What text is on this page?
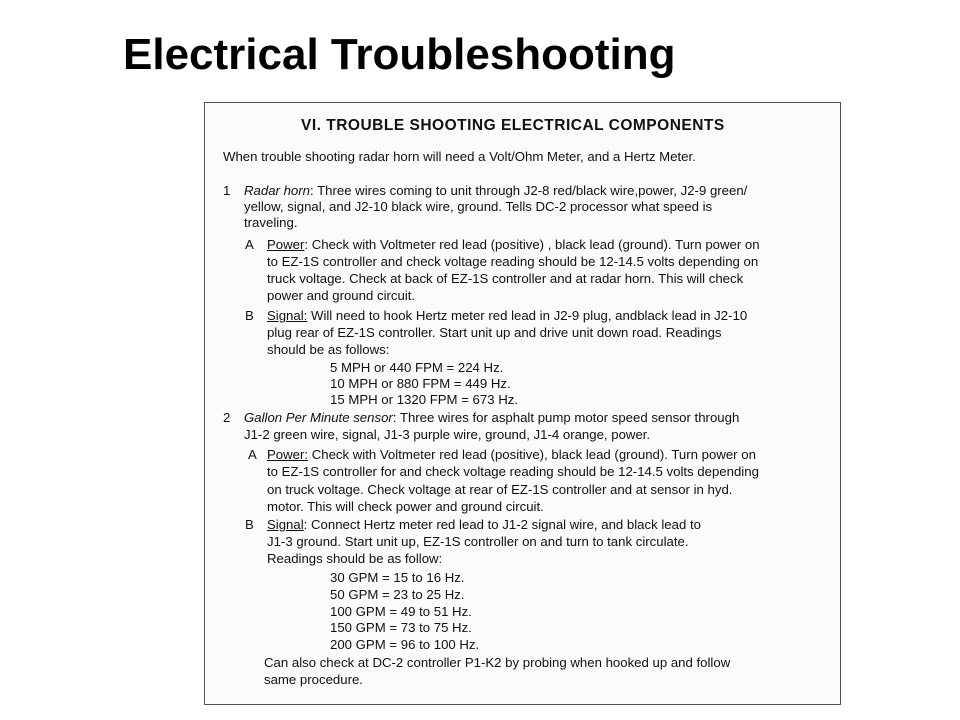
Electrical Troubleshooting
VI. TROUBLE SHOOTING ELECTRICAL COMPONENTS
When trouble shooting radar horn will need a Volt/Ohm Meter, and a Hertz Meter.
1 Radar horn: Three wires coming to unit through J2-8 red/black wire,power, J2-9 green/
yellow, signal, and J2-10 black wire, ground. Tells DC-2 processor what speed is
traveling.
A Power: Check with Voltmeter red lead (positive) , black lead (ground). Turn power on
to EZ-1S controller and check voltage reading should be 12-14.5 volts depending on
truck voltage. Check at back of EZ-1S controller and at radar horn. This will check
power and ground circuit.
B Signal: Will need to hook Hertz meter red lead in J2-9 plug, andblack lead in J2-10
plug rear of EZ-1S controller. Start unit up and drive unit down road. Readings
should be as follows:
5 MPH or 440 FPM = 224 Hz.
10 MPH or 880 FPM = 449 Hz.
15 MPH or 1320 FPM = 673 Hz.
2 Gallon Per Minute sensor: Three wires for asphalt pump motor speed sensor through
J1-2 green wire, signal, J1-3 purple wire, ground, J1-4 orange, power.
A Power: Check with Voltmeter red lead (positive), black lead (ground). Turn power on
to EZ-1S controller for and check voltage reading should be 12-14.5 volts depending
on truck voltage. Check voltage at rear of EZ-1S controller and at sensor in hyd.
motor. This will check power and ground circuit.
B Signal: Connect Hertz meter red lead to J1-2 signal wire, and black lead to
J1-3 ground. Start unit up, EZ-1S controller on and turn to tank circulate.
Readings should be as follow:
30 GPM = 15 to 16 Hz.
50 GPM = 23 to 25 Hz.
100 GPM = 49 to 51 Hz.
150 GPM = 73 to 75 Hz.
200 GPM = 96 to 100 Hz.
Can also check at DC-2 controller P1-K2 by probing when hooked up and follow
same procedure.
